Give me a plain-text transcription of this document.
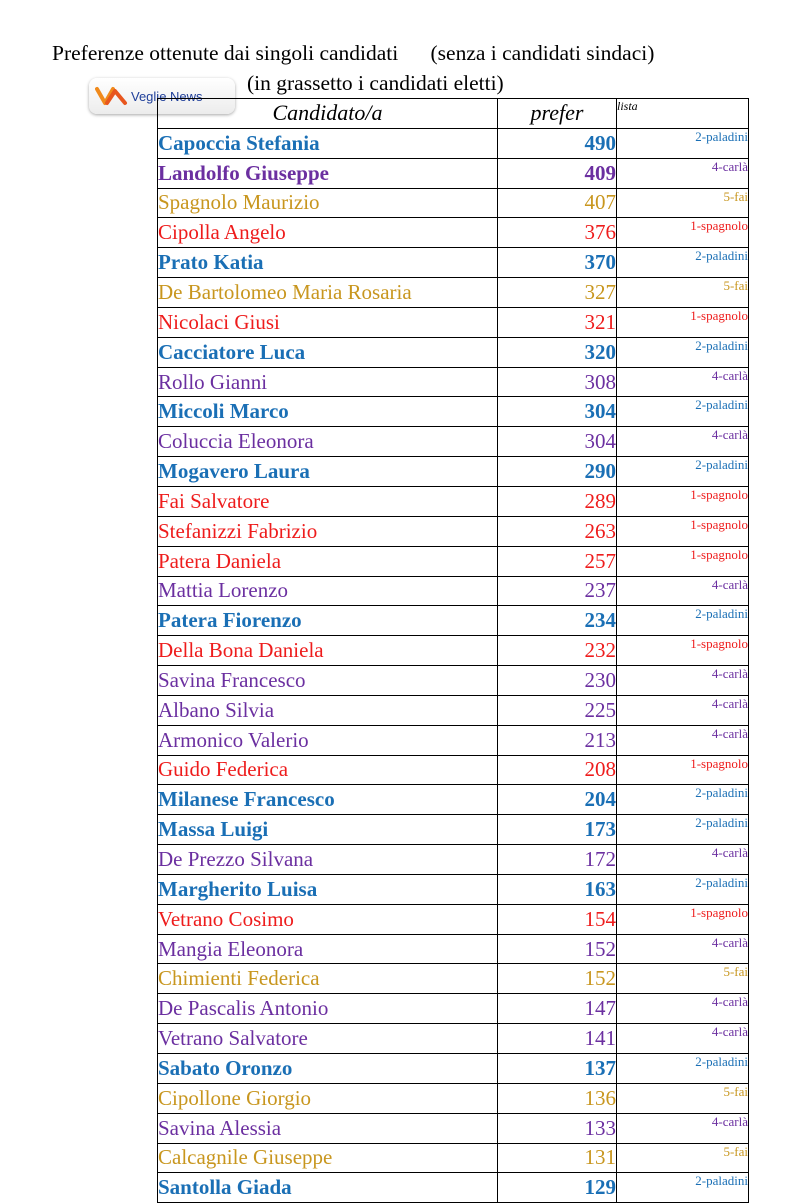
Preferenze ottenute dai singoli candidati      (senza i candidati sindaci)
(in grassetto i candidati eletti)
Veglie News
Candidato/a	prefer	lista
Capoccia Stefania	490	2-paladini
Landolfo Giuseppe	409	4-carlà
Spagnolo Maurizio	407	5-fai
Cipolla Angelo	376	1-spagnolo
Prato Katia	370	2-paladini
De Bartolomeo Maria Rosaria	327	5-fai
Nicolaci Giusi	321	1-spagnolo
Cacciatore Luca	320	2-paladini
Rollo Gianni	308	4-carlà
Miccoli Marco	304	2-paladini
Coluccia Eleonora	304	4-carlà
Mogavero Laura	290	2-paladini
Fai Salvatore	289	1-spagnolo
Stefanizzi Fabrizio	263	1-spagnolo
Patera Daniela	257	1-spagnolo
Mattia Lorenzo	237	4-carlà
Patera Fiorenzo	234	2-paladini
Della Bona Daniela	232	1-spagnolo
Savina Francesco	230	4-carlà
Albano Silvia	225	4-carlà
Armonico Valerio	213	4-carlà
Guido Federica	208	1-spagnolo
Milanese Francesco	204	2-paladini
Massa Luigi	173	2-paladini
De Prezzo Silvana	172	4-carlà
Margherito Luisa	163	2-paladini
Vetrano Cosimo	154	1-spagnolo
Mangia Eleonora	152	4-carlà
Chimienti Federica	152	5-fai
De Pascalis Antonio	147	4-carlà
Vetrano Salvatore	141	4-carlà
Sabato Oronzo	137	2-paladini
Cipollone Giorgio	136	5-fai
Savina Alessia	133	4-carlà
Calcagnile Giuseppe	131	5-fai
Santolla Giada	129	2-paladini
